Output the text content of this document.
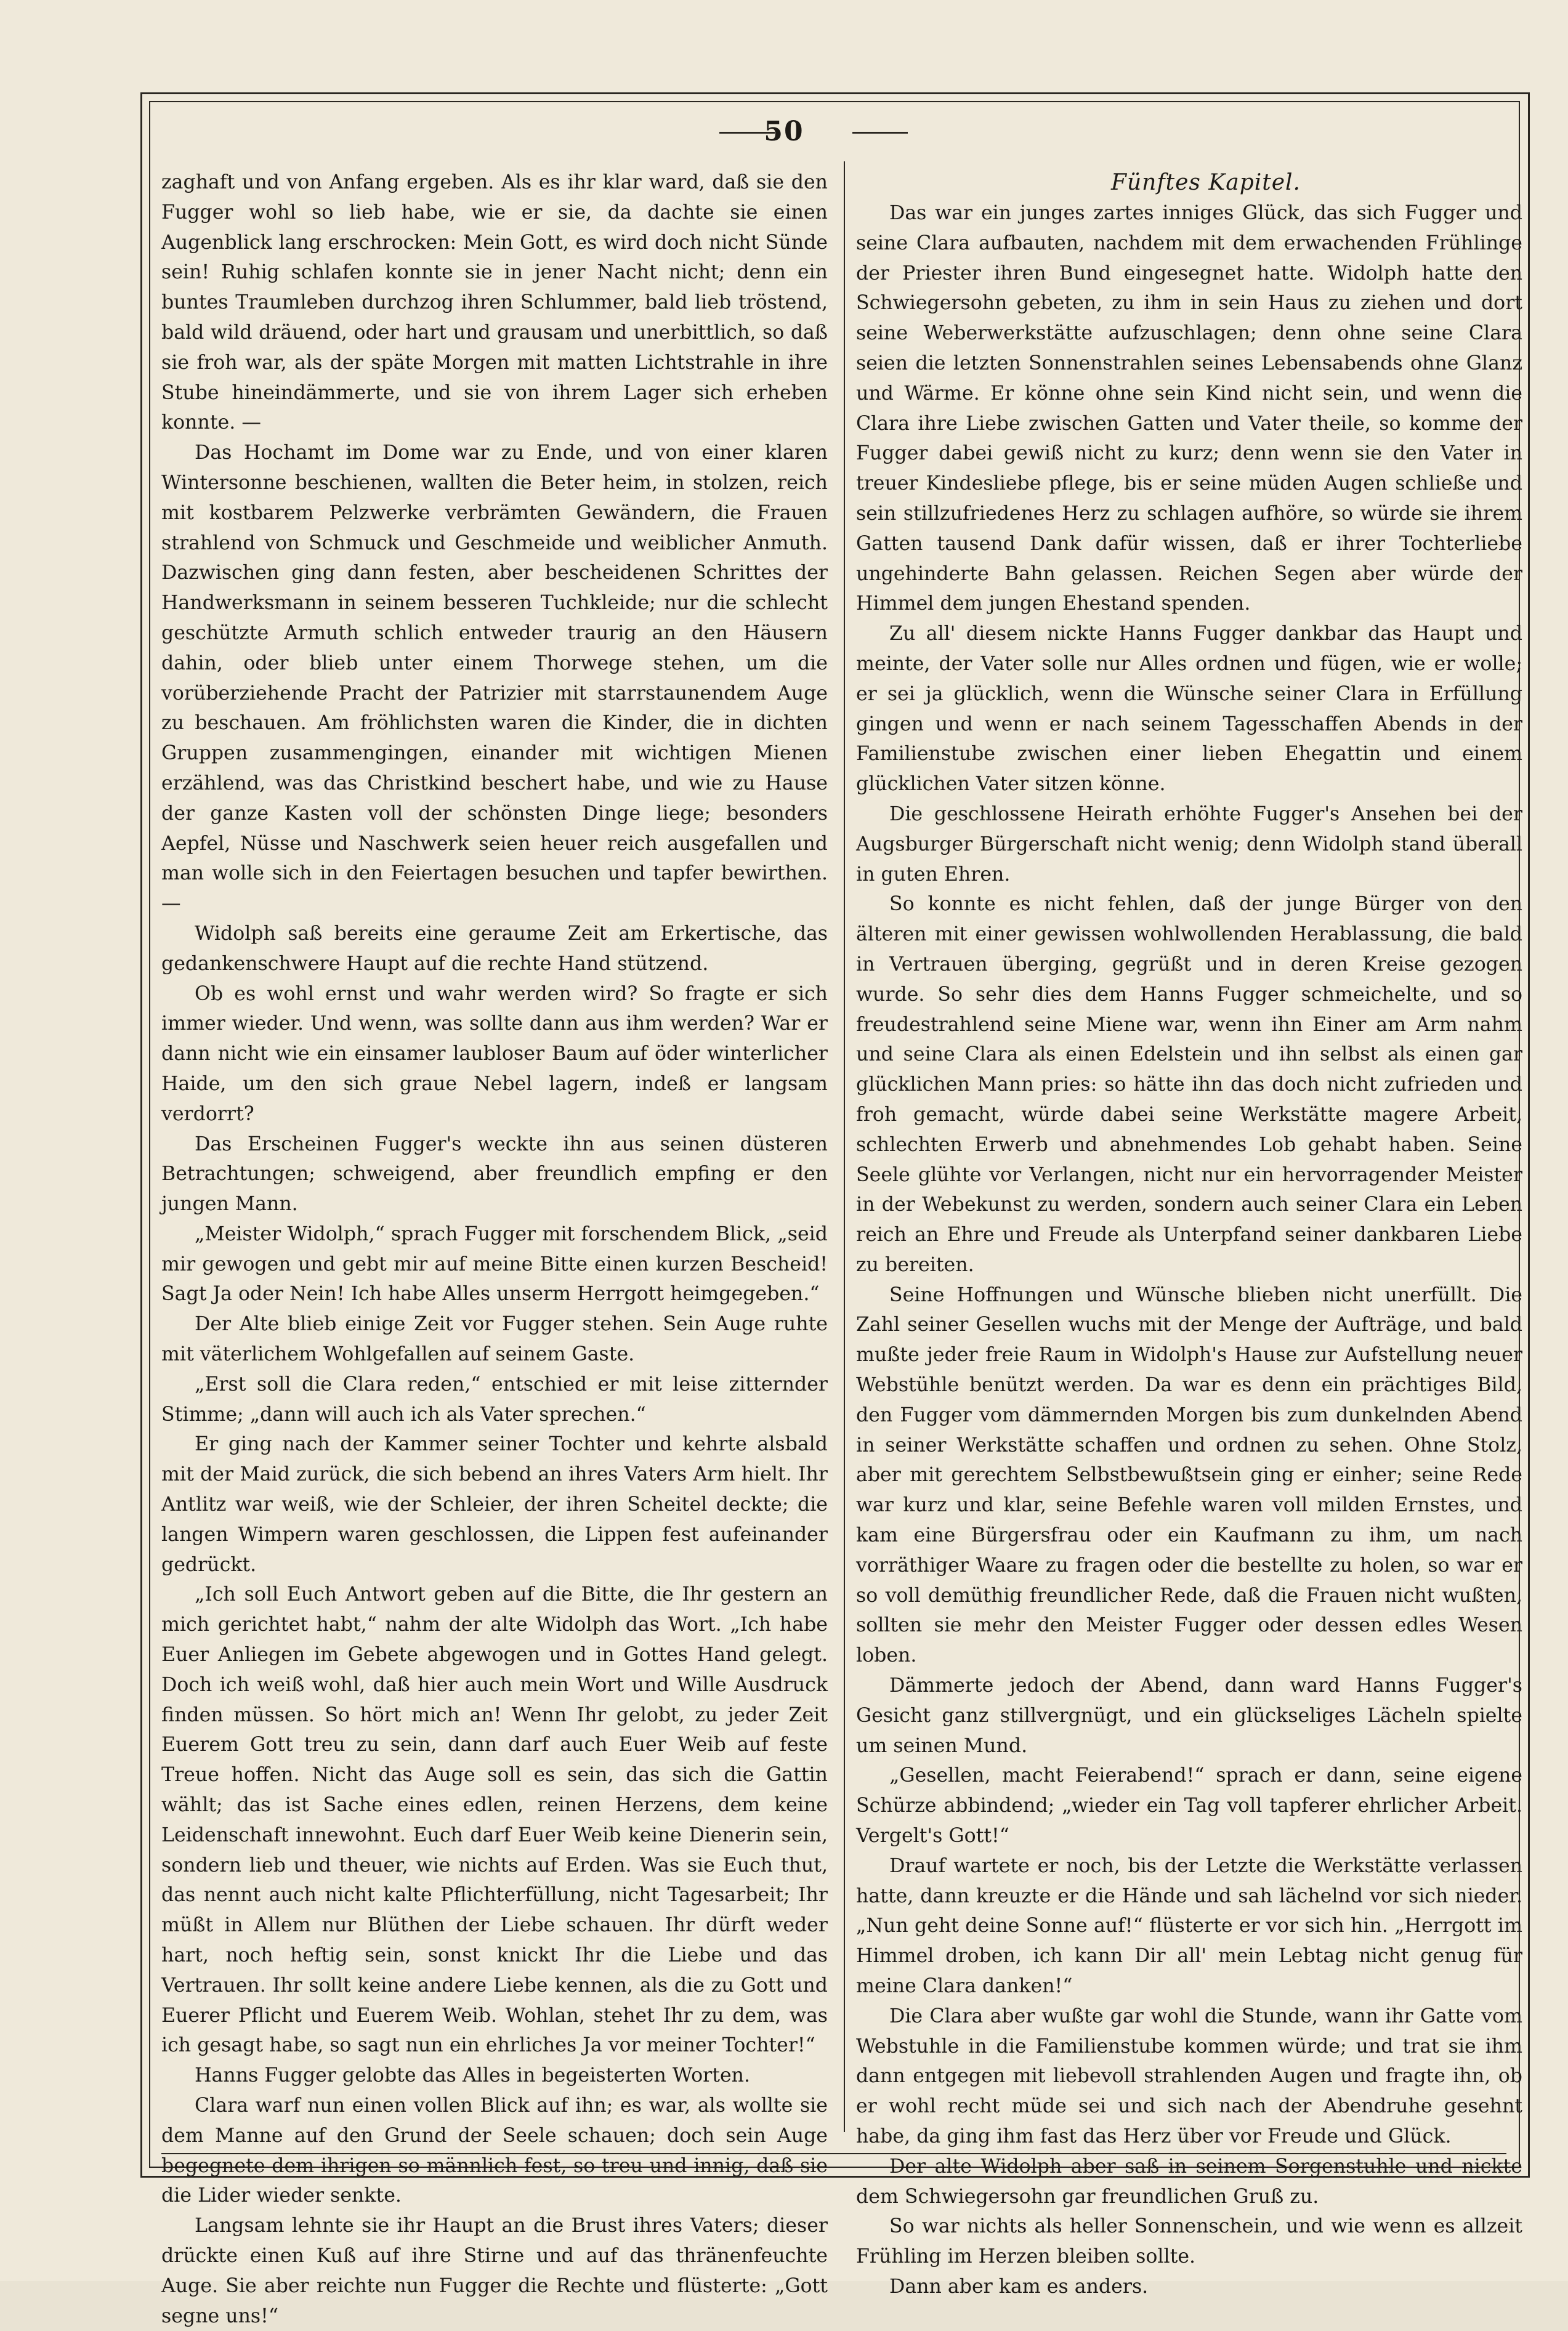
50

zaghaft und von Anfang ergeben. Als es ihr klar ward, daß sie den Fugger wohl so lieb habe, wie er sie, da dachte sie einen Augenblick lang erschrocken: Mein Gott, es wird doch nicht Sünde sein! Ruhig schlafen konnte sie in jener Nacht nicht; denn ein buntes Traumleben durchzog ihren Schlummer, bald lieb tröstend, bald wild dräuend, oder hart und grausam und unerbittlich, so daß sie froh war, als der späte Morgen mit matten Lichtstrahle in ihre Stube hineindämmerte, und sie von ihrem Lager sich erheben konnte. —

Das Hochamt im Dome war zu Ende, und von einer klaren Wintersonne beschienen, wallten die Beter heim, in stolzen, reich mit kostbarem Pelzwerke verbrämten Gewändern, die Frauen strahlend von Schmuck und Geschmeide und weiblicher Anmuth. Dazwischen ging dann festen, aber bescheidenen Schrittes der Handwerksmann in seinem besseren Tuchkleide; nur die schlecht geschützte Armuth schlich entweder traurig an den Häusern dahin, oder blieb unter einem Thorwege stehen, um die vorüberziehende Pracht der Patrizier mit starrstaunendem Auge zu beschauen. Am fröhlichsten waren die Kinder, die in dichten Gruppen zusammengingen, einander mit wichtigen Mienen erzählend, was das Christkind beschert habe, und wie zu Hause der ganze Kasten voll der schönsten Dinge liege; besonders Aepfel, Nüsse und Naschwerk seien heuer reich ausgefallen und man wolle sich in den Feiertagen besuchen und tapfer bewirthen. —

Widolph saß bereits eine geraume Zeit am Erkertische, das gedankenschwere Haupt auf die rechte Hand stützend.

Ob es wohl ernst und wahr werden wird? So fragte er sich immer wieder. Und wenn, was sollte dann aus ihm werden? War er dann nicht wie ein einsamer laubloser Baum auf öder winterlicher Haide, um den sich graue Nebel lagern, indeß er langsam verdorrt?

Das Erscheinen Fugger's weckte ihn aus seinen düsteren Betrachtungen; schweigend, aber freundlich empfing er den jungen Mann.

„Meister Widolph,“ sprach Fugger mit forschendem Blick, „seid mir gewogen und gebt mir auf meine Bitte einen kurzen Bescheid! Sagt Ja oder Nein! Ich habe Alles unserm Herrgott heimgegeben.“

Der Alte blieb einige Zeit vor Fugger stehen. Sein Auge ruhte mit väterlichem Wohlgefallen auf seinem Gaste.

„Erst soll die Clara reden,“ entschied er mit leise zitternder Stimme; „dann will auch ich als Vater sprechen.“

Er ging nach der Kammer seiner Tochter und kehrte alsbald mit der Maid zurück, die sich bebend an ihres Vaters Arm hielt. Ihr Antlitz war weiß, wie der Schleier, der ihren Scheitel deckte; die langen Wimpern waren geschlossen, die Lippen fest aufeinander gedrückt.

„Ich soll Euch Antwort geben auf die Bitte, die Ihr gestern an mich gerichtet habt,“ nahm der alte Widolph das Wort. „Ich habe Euer Anliegen im Gebete abgewogen und in Gottes Hand gelegt. Doch ich weiß wohl, daß hier auch mein Wort und Wille Ausdruck finden müssen. So hört mich an! Wenn Ihr gelobt, zu jeder Zeit Euerem Gott treu zu sein, dann darf auch Euer Weib auf feste Treue hoffen. Nicht das Auge soll es sein, das sich die Gattin wählt; das ist Sache eines edlen, reinen Herzens, dem keine Leidenschaft innewohnt. Euch darf Euer Weib keine Dienerin sein, sondern lieb und theuer, wie nichts auf Erden. Was sie Euch thut, das nennt auch nicht kalte Pflichterfüllung, nicht Tagesarbeit; Ihr müßt in Allem nur Blüthen der Liebe schauen. Ihr dürft weder hart, noch heftig sein, sonst knickt Ihr die Liebe und das Vertrauen. Ihr sollt keine andere Liebe kennen, als die zu Gott und Euerer Pflicht und Euerem Weib. Wohlan, stehet Ihr zu dem, was ich gesagt habe, so sagt nun ein ehrliches Ja vor meiner Tochter!“

Hanns Fugger gelobte das Alles in begeisterten Worten.

Clara warf nun einen vollen Blick auf ihn; es war, als wollte sie dem Manne auf den Grund der Seele schauen; doch sein Auge begegnete dem ihrigen so männlich fest, so treu und innig, daß sie die Lider wieder senkte.

Langsam lehnte sie ihr Haupt an die Brust ihres Vaters; dieser drückte einen Kuß auf ihre Stirne und auf das thränenfeuchte Auge. Sie aber reichte nun Fugger die Rechte und flüsterte: „Gott segne uns!“

Fünftes Kapitel.

Das war ein junges zartes inniges Glück, das sich Fugger und seine Clara aufbauten, nachdem mit dem erwachenden Frühlinge der Priester ihren Bund eingesegnet hatte. Widolph hatte den Schwiegersohn gebeten, zu ihm in sein Haus zu ziehen und dort seine Weberwerkstätte aufzuschlagen; denn ohne seine Clara seien die letzten Sonnenstrahlen seines Lebensabends ohne Glanz und Wärme. Er könne ohne sein Kind nicht sein, und wenn die Clara ihre Liebe zwischen Gatten und Vater theile, so komme der Fugger dabei gewiß nicht zu kurz; denn wenn sie den Vater in treuer Kindesliebe pflege, bis er seine müden Augen schließe und sein stillzufriedenes Herz zu schlagen aufhöre, so würde sie ihrem Gatten tausend Dank dafür wissen, daß er ihrer Tochterliebe ungehinderte Bahn gelassen. Reichen Segen aber würde der Himmel dem jungen Ehestand spenden.

Zu all' diesem nickte Hanns Fugger dankbar das Haupt und meinte, der Vater solle nur Alles ordnen und fügen, wie er wolle; er sei ja glücklich, wenn die Wünsche seiner Clara in Erfüllung gingen und wenn er nach seinem Tagesschaffen Abends in der Familienstube zwischen einer lieben Ehegattin und einem glücklichen Vater sitzen könne.

Die geschlossene Heirath erhöhte Fugger's Ansehen bei der Augsburger Bürgerschaft nicht wenig; denn Widolph stand überall in guten Ehren.

So konnte es nicht fehlen, daß der junge Bürger von den älteren mit einer gewissen wohlwollenden Herablassung, die bald in Vertrauen überging, gegrüßt und in deren Kreise gezogen wurde. So sehr dies dem Hanns Fugger schmeichelte, und so freudestrahlend seine Miene war, wenn ihn Einer am Arm nahm und seine Clara als einen Edelstein und ihn selbst als einen gar glücklichen Mann pries: so hätte ihn das doch nicht zufrieden und froh gemacht, würde dabei seine Werkstätte magere Arbeit, schlechten Erwerb und abnehmendes Lob gehabt haben. Seine Seele glühte vor Verlangen, nicht nur ein hervorragender Meister in der Webekunst zu werden, sondern auch seiner Clara ein Leben reich an Ehre und Freude als Unterpfand seiner dankbaren Liebe zu bereiten.

Seine Hoffnungen und Wünsche blieben nicht unerfüllt. Die Zahl seiner Gesellen wuchs mit der Menge der Aufträge, und bald mußte jeder freie Raum in Widolph's Hause zur Aufstellung neuer Webstühle benützt werden. Da war es denn ein prächtiges Bild, den Fugger vom dämmernden Morgen bis zum dunkelnden Abend in seiner Werkstätte schaffen und ordnen zu sehen. Ohne Stolz, aber mit gerechtem Selbstbewußtsein ging er einher; seine Rede war kurz und klar, seine Befehle waren voll milden Ernstes, und kam eine Bürgersfrau oder ein Kaufmann zu ihm, um nach vorräthiger Waare zu fragen oder die bestellte zu holen, so war er so voll demüthig freundlicher Rede, daß die Frauen nicht wußten, sollten sie mehr den Meister Fugger oder dessen edles Wesen loben.

Dämmerte jedoch der Abend, dann ward Hanns Fugger's Gesicht ganz stillvergnügt, und ein glückseliges Lächeln spielte um seinen Mund.

„Gesellen, macht Feierabend!“ sprach er dann, seine eigene Schürze abbindend; „wieder ein Tag voll tapferer ehrlicher Arbeit. Vergelt's Gott!“

Drauf wartete er noch, bis der Letzte die Werkstätte verlassen hatte, dann kreuzte er die Hände und sah lächelnd vor sich nieder. „Nun geht deine Sonne auf!“ flüsterte er vor sich hin. „Herrgott im Himmel droben, ich kann Dir all' mein Lebtag nicht genug für meine Clara danken!“

Die Clara aber wußte gar wohl die Stunde, wann ihr Gatte vom Webstuhle in die Familienstube kommen würde; und trat sie ihm dann entgegen mit liebevoll strahlenden Augen und fragte ihn, ob er wohl recht müde sei und sich nach der Abendruhe gesehnt habe, da ging ihm fast das Herz über vor Freude und Glück.

Der alte Widolph aber saß in seinem Sorgenstuhle und nickte dem Schwiegersohn gar freundlichen Gruß zu.

So war nichts als heller Sonnenschein, und wie wenn es allzeit Frühling im Herzen bleiben sollte.

Dann aber kam es anders.
